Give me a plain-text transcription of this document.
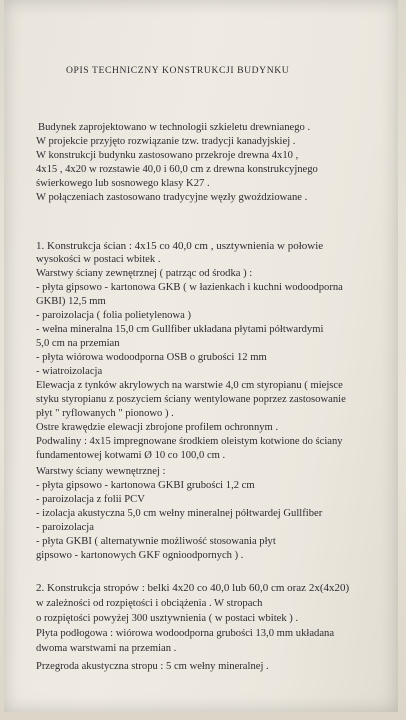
OPIS TECHNICZNY KONSTRUKCJI BUDYNKU
Budynek zaprojektowano w technologii szkieletu drewnianego .
W projekcie przyjęto rozwiązanie tzw. tradycji kanadyjskiej .
W konstrukcji budynku zastosowano przekroje drewna 4x10 ,
4x15 , 4x20 w rozstawie 40,0 i 60,0 cm z drewna konstrukcyjnego
świerkowego lub sosnowego klasy K27 .
W połączeniach zastosowano tradycyjne węzły gwoździowane .
1. Konstrukcja ścian : 4x15 co 40,0 cm , usztywnienia w połowie
wysokości w postaci wbitek .
Warstwy ściany zewnętrznej ( patrząc od środka ) :
- płyta gipsowo - kartonowa GKB ( w łazienkach i kuchni wodoodporna
GKBI) 12,5 mm
- paroizolacja ( folia polietylenowa )
- wełna mineralna 15,0 cm Gullfiber układana płytami półtwardymi
5,0 cm na przemian
- płyta wiórowa wodoodporna OSB o grubości 12 mm
- wiatroizolacja
Elewacja z tynków akrylowych na warstwie 4,0 cm styropianu ( miejsce
styku styropianu z poszyciem ściany wentylowane poprzez zastosowanie
płyt " ryflowanych " pionowo ) .
Ostre krawędzie elewacji zbrojone profilem ochronnym .
Podwaliny : 4x15 impregnowane środkiem oleistym kotwione do ściany
fundamentowej kotwami Ø 10 co 100,0 cm .
Warstwy ściany wewnętrznej :
- płyta gipsowo - kartonowa GKBI grubości 1,2 cm
- paroizolacja z folii PCV
- izolacja akustyczna 5,0 cm wełny mineralnej półtwardej Gullfiber
- paroizolacja
- płyta GKBI ( alternatywnie możliwość stosowania płyt
gipsowo - kartonowych GKF ognioodpornych ) .
2. Konstrukcja stropów : belki 4x20 co 40,0 lub 60,0 cm oraz 2x(4x20)
w zależności od rozpiętości i obciążenia . W stropach
o rozpiętości powyżej 300 usztywnienia ( w postaci wbitek ) .
Płyta podłogowa : wiórowa wodoodporna grubości 13,0 mm układana
dwoma warstwami na przemian .
Przegroda akustyczna stropu : 5 cm wełny mineralnej .
